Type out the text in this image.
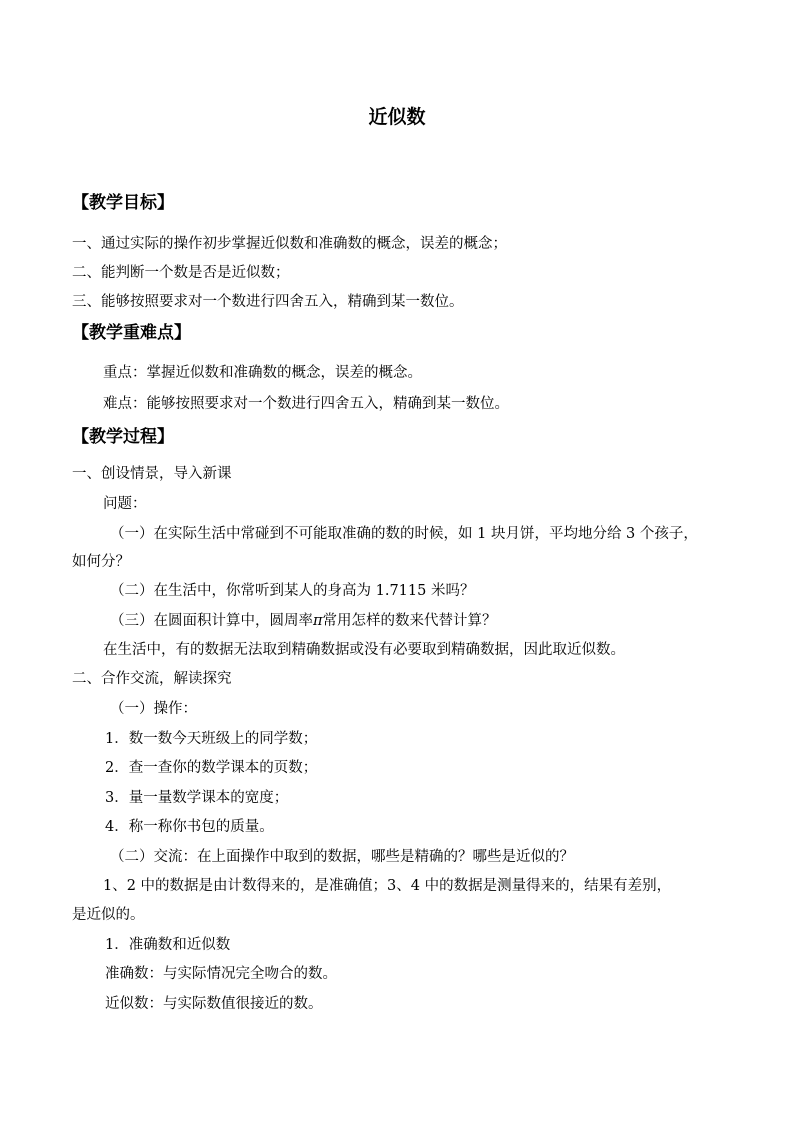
近似数
【教学目标】
一、通过实际的操作初步掌握近似数和准确数的概念，误差的概念；
二、能判断一个数是否是近似数；
三、能够按照要求对一个数进行四舍五入，精确到某一数位。
【教学重难点】
重点：掌握近似数和准确数的概念，误差的概念。
难点：能够按照要求对一个数进行四舍五入，精确到某一数位。
【教学过程】
一、创设情景，导入新课
问题：
（一）在实际生活中常碰到不可能取准确的数的时候，如 1 块月饼，平均地分给 3 个孩子，
如何分？
（二）在生活中，你常听到某人的身高为 1.7115 米吗？
（三）在圆面积计算中，圆周率π常用怎样的数来代替计算？
在生活中，有的数据无法取到精确数据或没有必要取到精确数据，因此取近似数。
二、合作交流，解读探究
（一）操作：
1．数一数今天班级上的同学数；
2．查一查你的数学课本的页数；
3．量一量数学课本的宽度；
4．称一称你书包的质量。
（二）交流：在上面操作中取到的数据，哪些是精确的？哪些是近似的？
1、2 中的数据是由计数得来的，是准确值；3、4 中的数据是测量得来的，结果有差别，
是近似的。
1．准确数和近似数
准确数：与实际情况完全吻合的数。
近似数：与实际数值很接近的数。
